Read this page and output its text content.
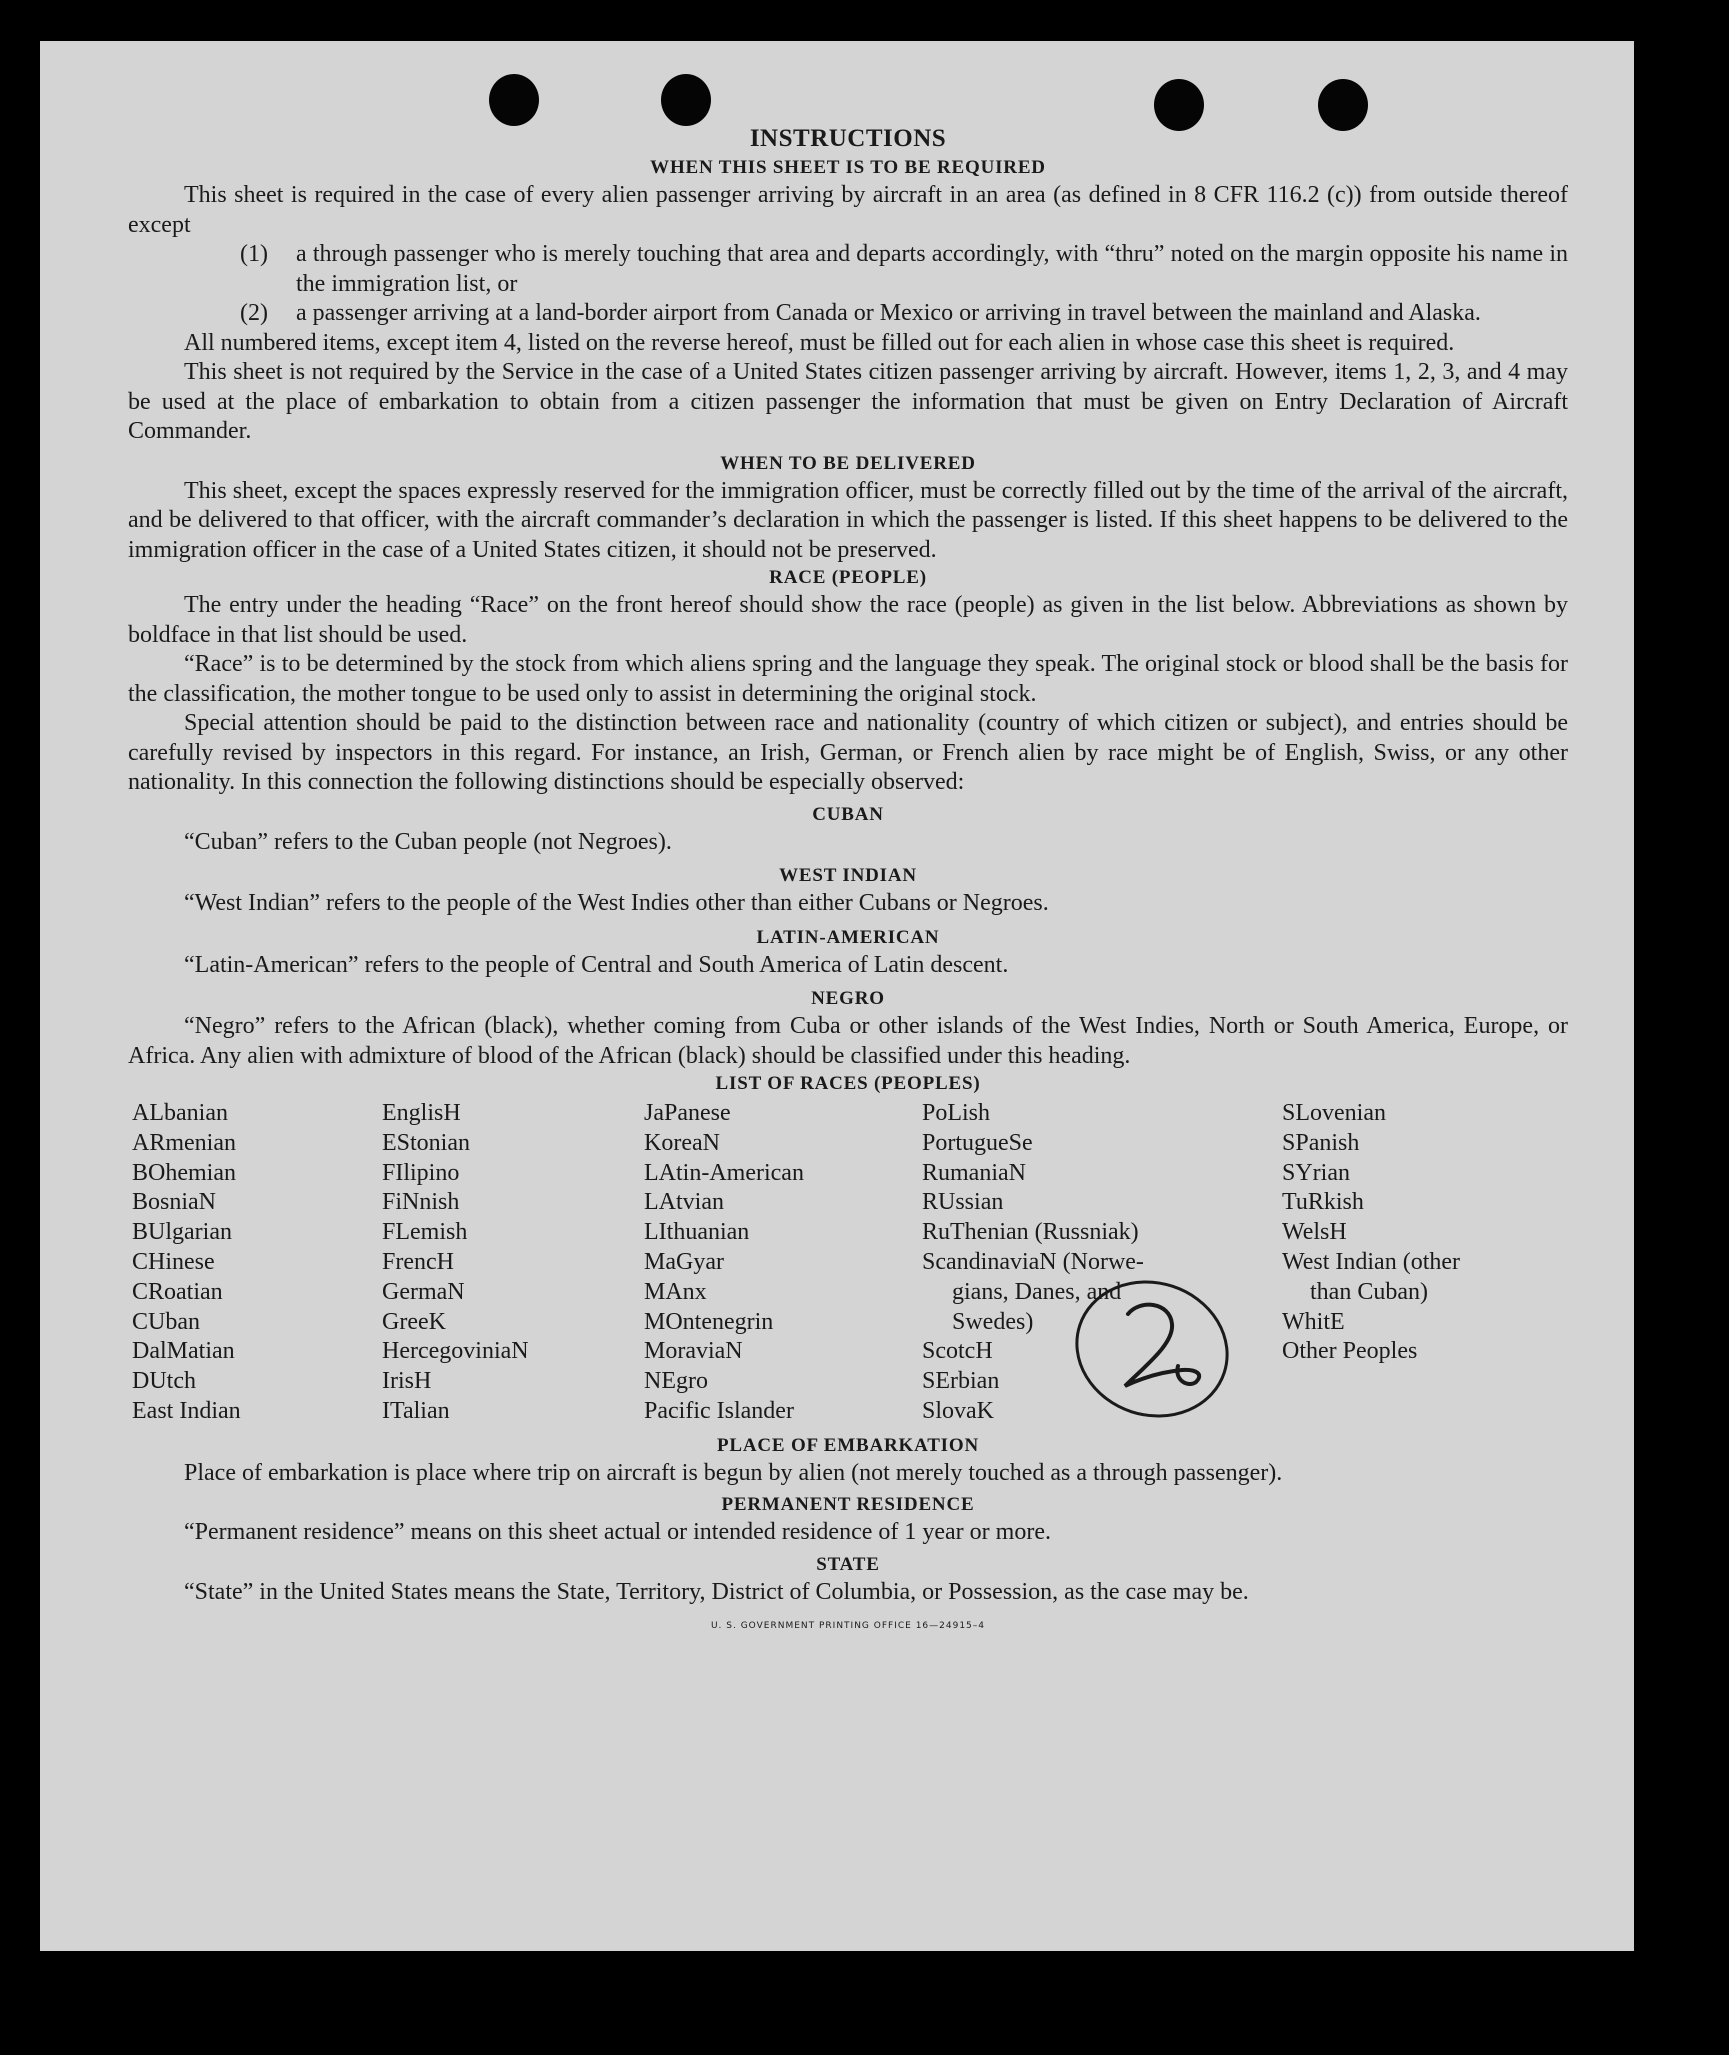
INSTRUCTIONS
WHEN THIS SHEET IS TO BE REQUIRED

This sheet is required in the case of every alien passenger arriving by aircraft in an area (as defined in 8 CFR 116.2 (c)) from outside thereof except

(1)	a through passenger who is merely touching that area and departs accordingly, with “thru” noted on the margin opposite his name in the immigration list, or
(2)	a passenger arriving at a land-border airport from Canada or Mexico or arriving in travel between the mainland and Alaska.

All numbered items, except item 4, listed on the reverse hereof, must be filled out for each alien in whose case this sheet is required.

This sheet is not required by the Service in the case of a United States citizen passenger arriving by aircraft. However, items 1, 2, 3, and 4 may be used at the place of embarkation to obtain from a citizen passenger the information that must be given on Entry Declaration of Aircraft Commander.

WHEN TO BE DELIVERED

This sheet, except the spaces expressly reserved for the immigration officer, must be correctly filled out by the time of the arrival of the aircraft, and be delivered to that officer, with the aircraft commander’s declaration in which the passenger is listed. If this sheet happens to be delivered to the immigration officer in the case of a United States citizen, it should not be preserved.

RACE (PEOPLE)

The entry under the heading “Race” on the front hereof should show the race (people) as given in the list below. Abbreviations as shown by boldface in that list should be used.

“Race” is to be determined by the stock from which aliens spring and the language they speak. The original stock or blood shall be the basis for the classification, the mother tongue to be used only to assist in determining the original stock.

Special attention should be paid to the distinction between race and nationality (country of which citizen or subject), and entries should be carefully revised by inspectors in this regard. For instance, an Irish, German, or French alien by race might be of English, Swiss, or any other nationality. In this connection the following distinctions should be especially observed:

CUBAN

“Cuban” refers to the Cuban people (not Negroes).

WEST INDIAN

“West Indian” refers to the people of the West Indies other than either Cubans or Negroes.

LATIN-AMERICAN

“Latin-American” refers to the people of Central and South America of Latin descent.

NEGRO

“Negro” refers to the African (black), whether coming from Cuba or other islands of the West Indies, North or South America, Europe, or Africa. Any alien with admixture of blood of the African (black) should be classified under this heading.

LIST OF RACES (PEOPLES)
ALbanian
ARmenian
BOhemian
BosniaN
BUlgarian
CHinese
CRoatian
CUban
DalMatian
DUtch
East Indian
EnglisH
EStonian
FIlipino
FiNnish
FLemish
FrencH
GermaN
GreeK
HercegoviniaN
IrisH
ITalian
JaPanese
KoreaN
LAtin-American
LAtvian
LIthuanian
MaGyar
MAnx
MOntenegrin
MoraviaN
NEgro
Pacific Islander
PoLish
PortugueSe
RumaniaN
RUssian
RuThenian (Russniak)
ScandinaviaN (Norwe-
gians, Danes, and
Swedes)
ScotcH
SErbian
SlovaK
SLovenian
SPanish
SYrian
TuRkish
WelsH
West Indian (other
than Cuban)
WhitE
Other Peoples
PLACE OF EMBARKATION

Place of embarkation is place where trip on aircraft is begun by alien (not merely touched as a through passenger).

PERMANENT RESIDENCE

“Permanent residence” means on this sheet actual or intended residence of 1 year or more.

STATE

“State” in the United States means the State, Territory, District of Columbia, or Possession, as the case may be.

U. S. GOVERNMENT PRINTING OFFICE 16—24915–4
